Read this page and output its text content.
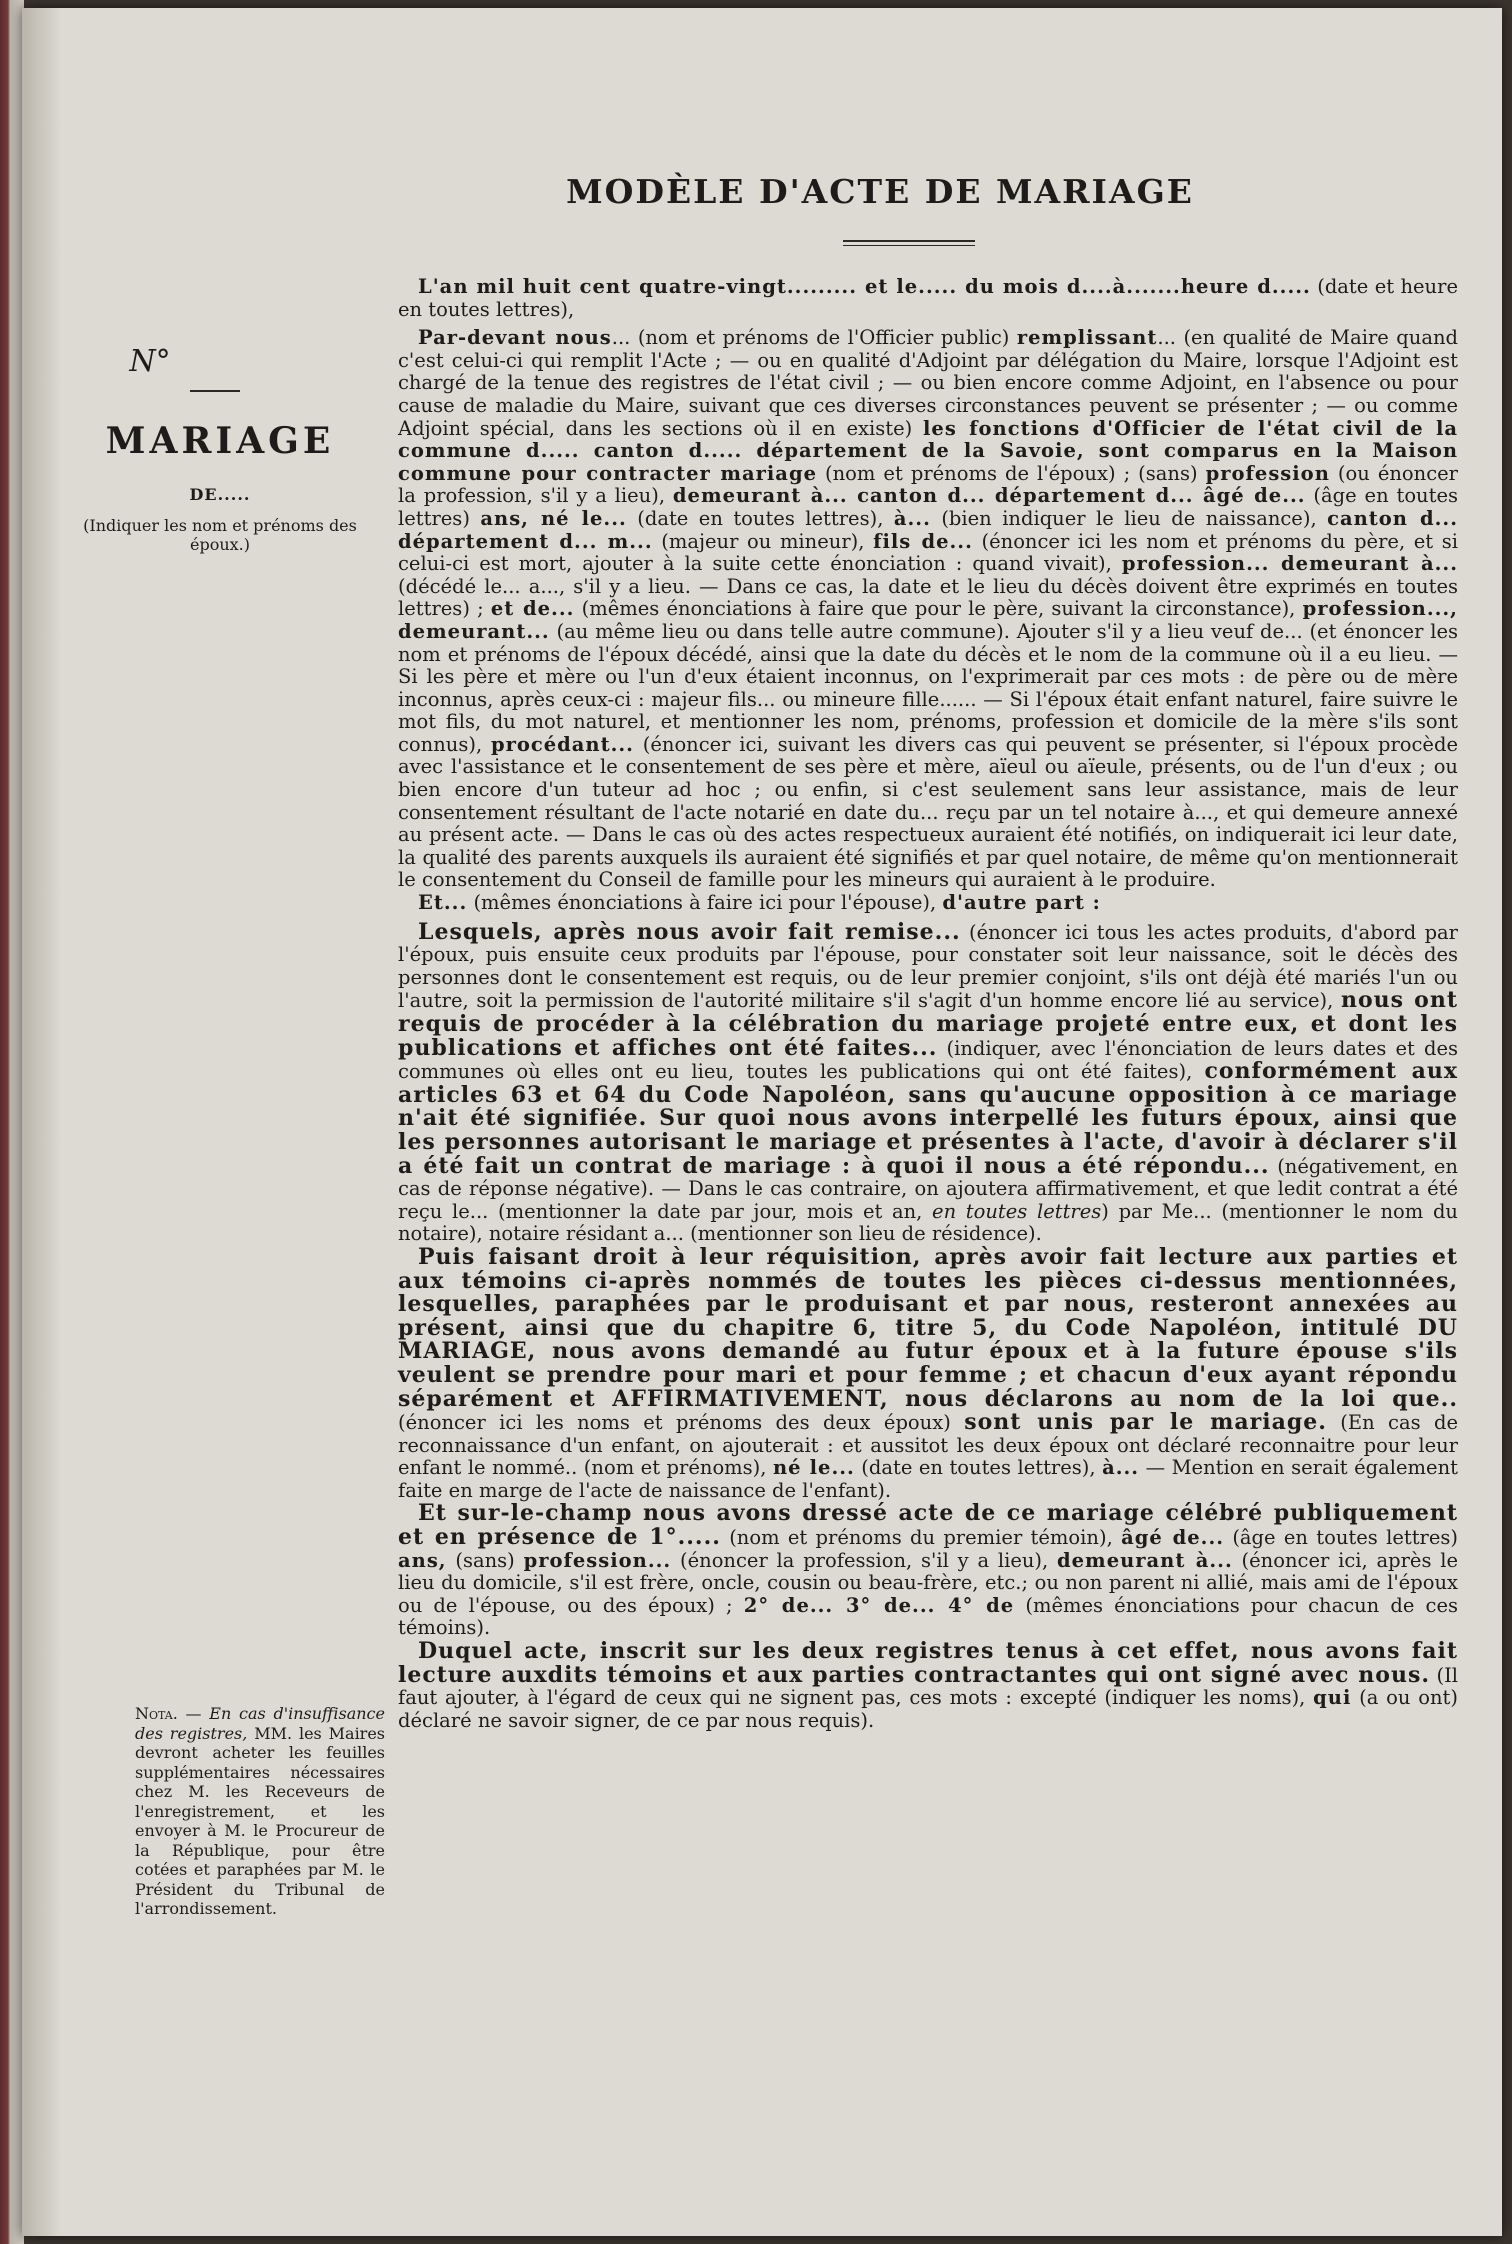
MODÈLE D'ACTE DE MARIAGE
N°
MARIAGE
DE.....
(Indiquer les nom et prénoms des époux.)
Nota. — En cas d'insuffisance des registres, MM. les Maires devront acheter les feuilles supplémentaires nécessaires chez M. les Receveurs de l'enregistrement, et les envoyer à M. le Procureur de la République, pour être cotées et paraphées par M. le Président du Tribunal de l'arrondissement.

L'an mil huit cent quatre-vingt......... et le..... du mois d....à.......heure d..... (date et heure en toutes lettres),

Par-devant nous... (nom et prénoms de l'Officier public) remplissant... (en qualité de Maire quand c'est celui-ci qui remplit l'Acte ; — ou en qualité d'Adjoint par délégation du Maire, lorsque l'Adjoint est chargé de la tenue des registres de l'état civil ; — ou bien encore comme Adjoint, en l'absence ou pour cause de maladie du Maire, suivant que ces diverses circonstances peuvent se présenter ; — ou comme Adjoint spécial, dans les sections où il en existe) les fonctions d'Officier de l'état civil de la commune d..... canton d..... département de la Savoie, sont comparus en la Maison commune pour contracter mariage (nom et prénoms de l'époux) ; (sans) profession (ou énoncer la profession, s'il y a lieu), demeurant à... canton d... département d... âgé de... (âge en toutes lettres) ans, né le... (date en toutes lettres), à... (bien indiquer le lieu de naissance), canton d... département d... m... (majeur ou mineur), fils de... (énoncer ici les nom et prénoms du père, et si celui-ci est mort, ajouter à la suite cette énonciation : quand vivait), profession... demeurant à... (décédé le... a..., s'il y a lieu. — Dans ce cas, la date et le lieu du décès doivent être exprimés en toutes lettres) ; et de... (mêmes énonciations à faire que pour le père, suivant la circonstance), profession..., demeurant... (au même lieu ou dans telle autre commune). Ajouter s'il y a lieu veuf de... (et énoncer les nom et prénoms de l'époux décédé, ainsi que la date du décès et le nom de la commune où il a eu lieu. — Si les père et mère ou l'un d'eux étaient inconnus, on l'exprimerait par ces mots : de père ou de mère inconnus, après ceux-ci : majeur fils... ou mineure fille...... — Si l'époux était enfant naturel, faire suivre le mot fils, du mot naturel, et mentionner les nom, prénoms, profession et domicile de la mère s'ils sont connus), procédant... (énoncer ici, suivant les divers cas qui peuvent se présenter, si l'époux procède avec l'assistance et le consentement de ses père et mère, aïeul ou aïeule, présents, ou de l'un d'eux ; ou bien encore d'un tuteur ad hoc ; ou enfin, si c'est seulement sans leur assistance, mais de leur consentement résultant de l'acte notarié en date du... reçu par un tel notaire à..., et qui demeure annexé au présent acte. — Dans le cas où des actes respectueux auraient été notifiés, on indiquerait ici leur date, la qualité des parents auxquels ils auraient été signifiés et par quel notaire, de même qu'on mentionnerait le consentement du Conseil de famille pour les mineurs qui auraient à le produire.

Et... (mêmes énonciations à faire ici pour l'épouse), d'autre part :

Lesquels, après nous avoir fait remise... (énoncer ici tous les actes produits, d'abord par l'époux, puis ensuite ceux produits par l'épouse, pour constater soit leur naissance, soit le décès des personnes dont le consentement est requis, ou de leur premier conjoint, s'ils ont déjà été mariés l'un ou l'autre, soit la permission de l'autorité militaire s'il s'agit d'un homme encore lié au service), nous ont requis de procéder à la célébration du mariage projeté entre eux, et dont les publications et affiches ont été faites... (indiquer, avec l'énonciation de leurs dates et des communes où elles ont eu lieu, toutes les publications qui ont été faites), conformément aux articles 63 et 64 du Code Napoléon, sans qu'aucune opposition à ce mariage n'ait été signifiée. Sur quoi nous avons interpellé les futurs époux, ainsi que les personnes autorisant le mariage et présentes à l'acte, d'avoir à déclarer s'il a été fait un contrat de mariage : à quoi il nous a été répondu... (négativement, en cas de réponse négative). — Dans le cas contraire, on ajoutera affirmativement, et que ledit contrat a été reçu le... (mentionner la date par jour, mois et an, en toutes lettres) par Me... (mentionner le nom du notaire), notaire résidant a... (mentionner son lieu de résidence).

Puis faisant droit à leur réquisition, après avoir fait lecture aux parties et aux témoins ci-après nommés de toutes les pièces ci-dessus mentionnées, lesquelles, paraphées par le produisant et par nous, resteront annexées au présent, ainsi que du chapitre 6, titre 5, du Code Napoléon, intitulé DU MARIAGE, nous avons demandé au futur époux et à la future épouse s'ils veulent se prendre pour mari et pour femme ; et chacun d'eux ayant répondu séparément et AFFIRMATIVEMENT, nous déclarons au nom de la loi que.. (énoncer ici les noms et prénoms des deux époux) sont unis par le mariage. (En cas de reconnaissance d'un enfant, on ajouterait : et aussitot les deux époux ont déclaré reconnaitre pour leur enfant le nommé.. (nom et prénoms), né le... (date en toutes lettres), à... — Mention en serait également faite en marge de l'acte de naissance de l'enfant).

Et sur-le-champ nous avons dressé acte de ce mariage célébré publiquement et en présence de 1°..... (nom et prénoms du premier témoin), âgé de... (âge en toutes lettres) ans, (sans) profession... (énoncer la profession, s'il y a lieu), demeurant à... (énoncer ici, après le lieu du domicile, s'il est frère, oncle, cousin ou beau-frère, etc.; ou non parent ni allié, mais ami de l'époux ou de l'épouse, ou des époux) ; 2° de... 3° de... 4° de (mêmes énonciations pour chacun de ces témoins).

Duquel acte, inscrit sur les deux registres tenus à cet effet, nous avons fait lecture auxdits témoins et aux parties contractantes qui ont signé avec nous. (Il faut ajouter, à l'égard de ceux qui ne signent pas, ces mots : excepté (indiquer les noms), qui (a ou ont) déclaré ne savoir signer, de ce par nous requis).
